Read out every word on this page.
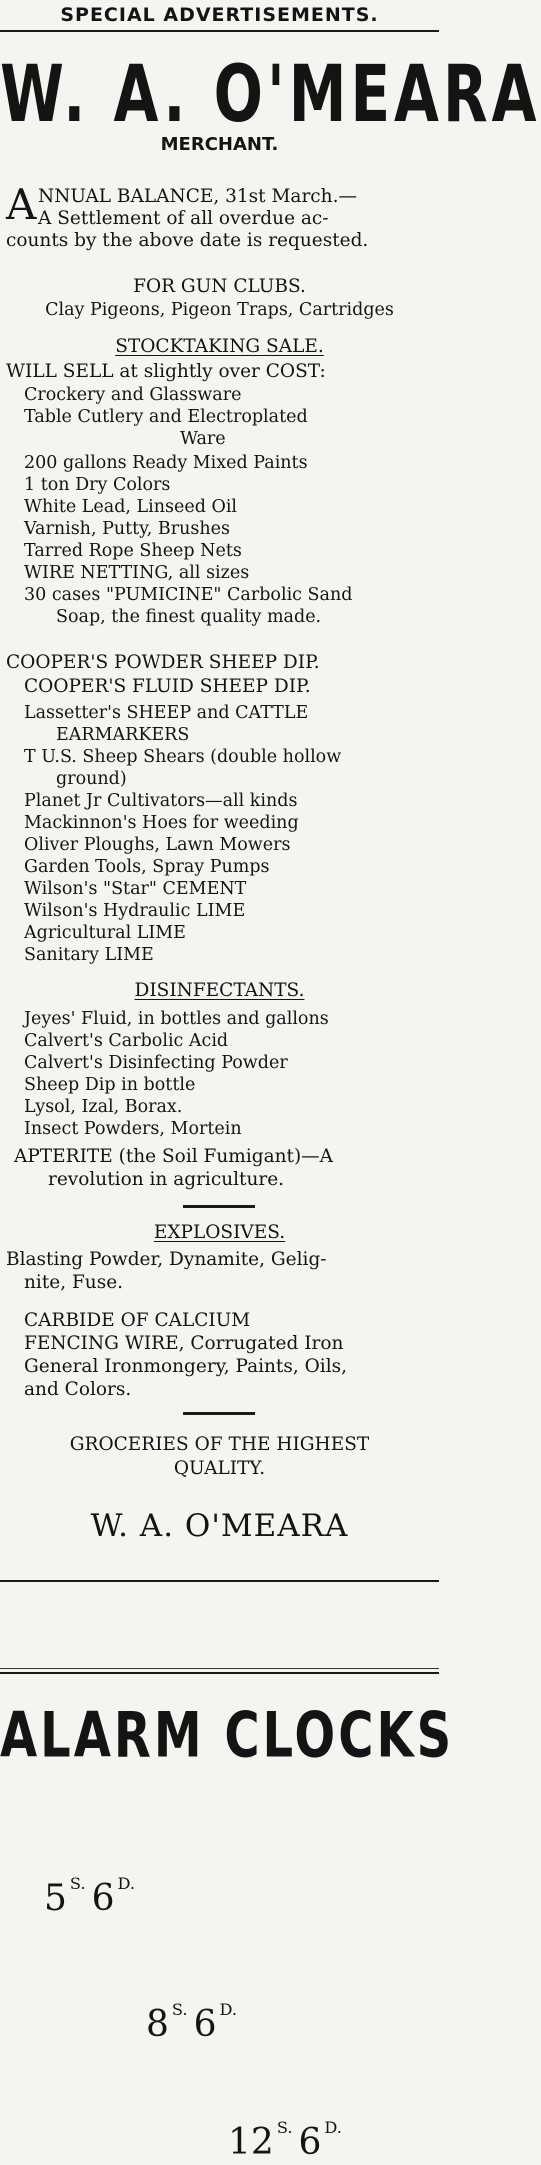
SPECIAL ADVERTISEMENTS.
W. A. O'MEARA
MERCHANT.
A NNUAL BALANCE, 31st March.—
A Settlement of all overdue ac-
counts by the above date is requested.
FOR GUN CLUBS.
Clay Pigeons, Pigeon Traps, Cartridges
STOCKTAKING SALE.
WILL SELL at slightly over COST:
Crockery and Glassware
Table Cutlery and Electroplated
Ware
200 gallons Ready Mixed Paints
1 ton Dry Colors
White Lead, Linseed Oil
Varnish, Putty, Brushes
Tarred Rope Sheep Nets
WIRE NETTING, all sizes
30 cases "PUMICINE" Carbolic Sand
Soap, the finest quality made.
COOPER'S POWDER SHEEP DIP.
COOPER'S FLUID SHEEP DIP.
Lassetter's SHEEP and CATTLE
EARMARKERS
T U.S. Sheep Shears (double hollow
ground)
Planet Jr Cultivators—all kinds
Mackinnon's Hoes for weeding
Oliver Ploughs, Lawn Mowers
Garden Tools, Spray Pumps
Wilson's "Star" CEMENT
Wilson's Hydraulic LIME
Agricultural LIME
Sanitary LIME
DISINFECTANTS.
Jeyes' Fluid, in bottles and gallons
Calvert's Carbolic Acid
Calvert's Disinfecting Powder
Sheep Dip in bottle
Lysol, Izal, Borax.
Insect Powders, Mortein
APTERITE (the Soil Fumigant)—A
revolution in agriculture.
EXPLOSIVES.
Blasting Powder, Dynamite, Gelig-
nite, Fuse.
CARBIDE OF CALCIUM
FENCING WIRE, Corrugated Iron
General Ironmongery, Paints, Oils,
and Colors.
GROCERIES OF THE HIGHEST
QUALITY.
W. A. O'MEARA
ALARM CLOCKS
5 $^{S.}$ 6 $^{D.}$
8 $^{S.}$ 6 $^{D.}$
12 $^{S.}$ 6 $^{D.}$
